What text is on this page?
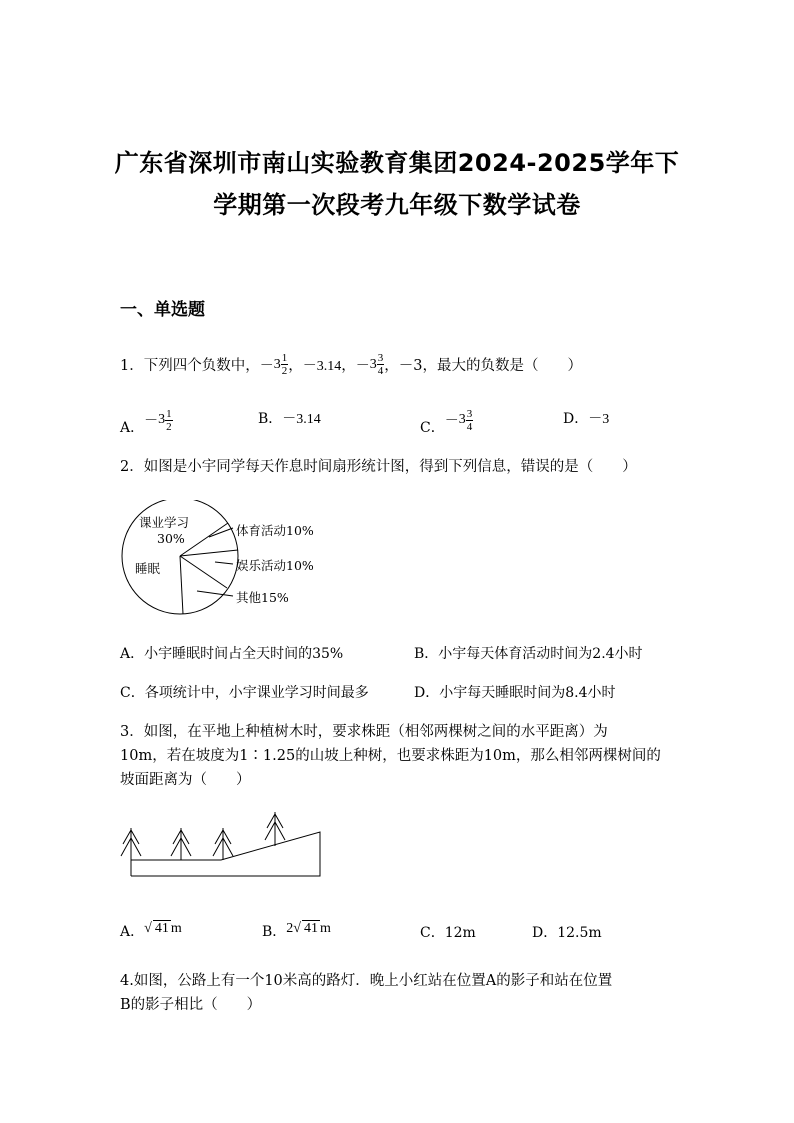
广东省深圳市南山实验教育集团2024-2025学年下
学期第一次段考九年级下数学试卷
一、单选题
1．下列四个负数中， － $3 \frac{1}{2}$ ， －3.14 ， － $3 \frac{3}{4}$ ，－3，最大的负数是（　　）
A． － $3 \frac{1}{2}$	B． －3.14
C． － $3 \frac{3}{4}$	D． －3
2．如图是小宇同学每天作息时间扇形统计图，得到下列信息，错误的是（　　）
课业学习
30%
睡眠
体育活动10%
娱乐活动10%
其他15%
A．小宇睡眠时间占全天时间的35%	B．小宇每天体育活动时间为2.4小时
C．各项统计中，小宇课业学习时间最多	D．小宇每天睡眠时间为8.4小时
3．如图，在平地上种植树木时，要求株距（相邻两棵树之间的水平距离）为
10m，若在坡度为1∶1.25的山坡上种树，也要求株距为10m，那么相邻两棵树间的
坡面距离为（　　）
A． √ 41 m	B． 2√ 41 m	C．12m	D．12.5m
4.如图，公路上有一个10米高的路灯．晚上小红站在位置A的影子和站在位置
B的影子相比（　　）
